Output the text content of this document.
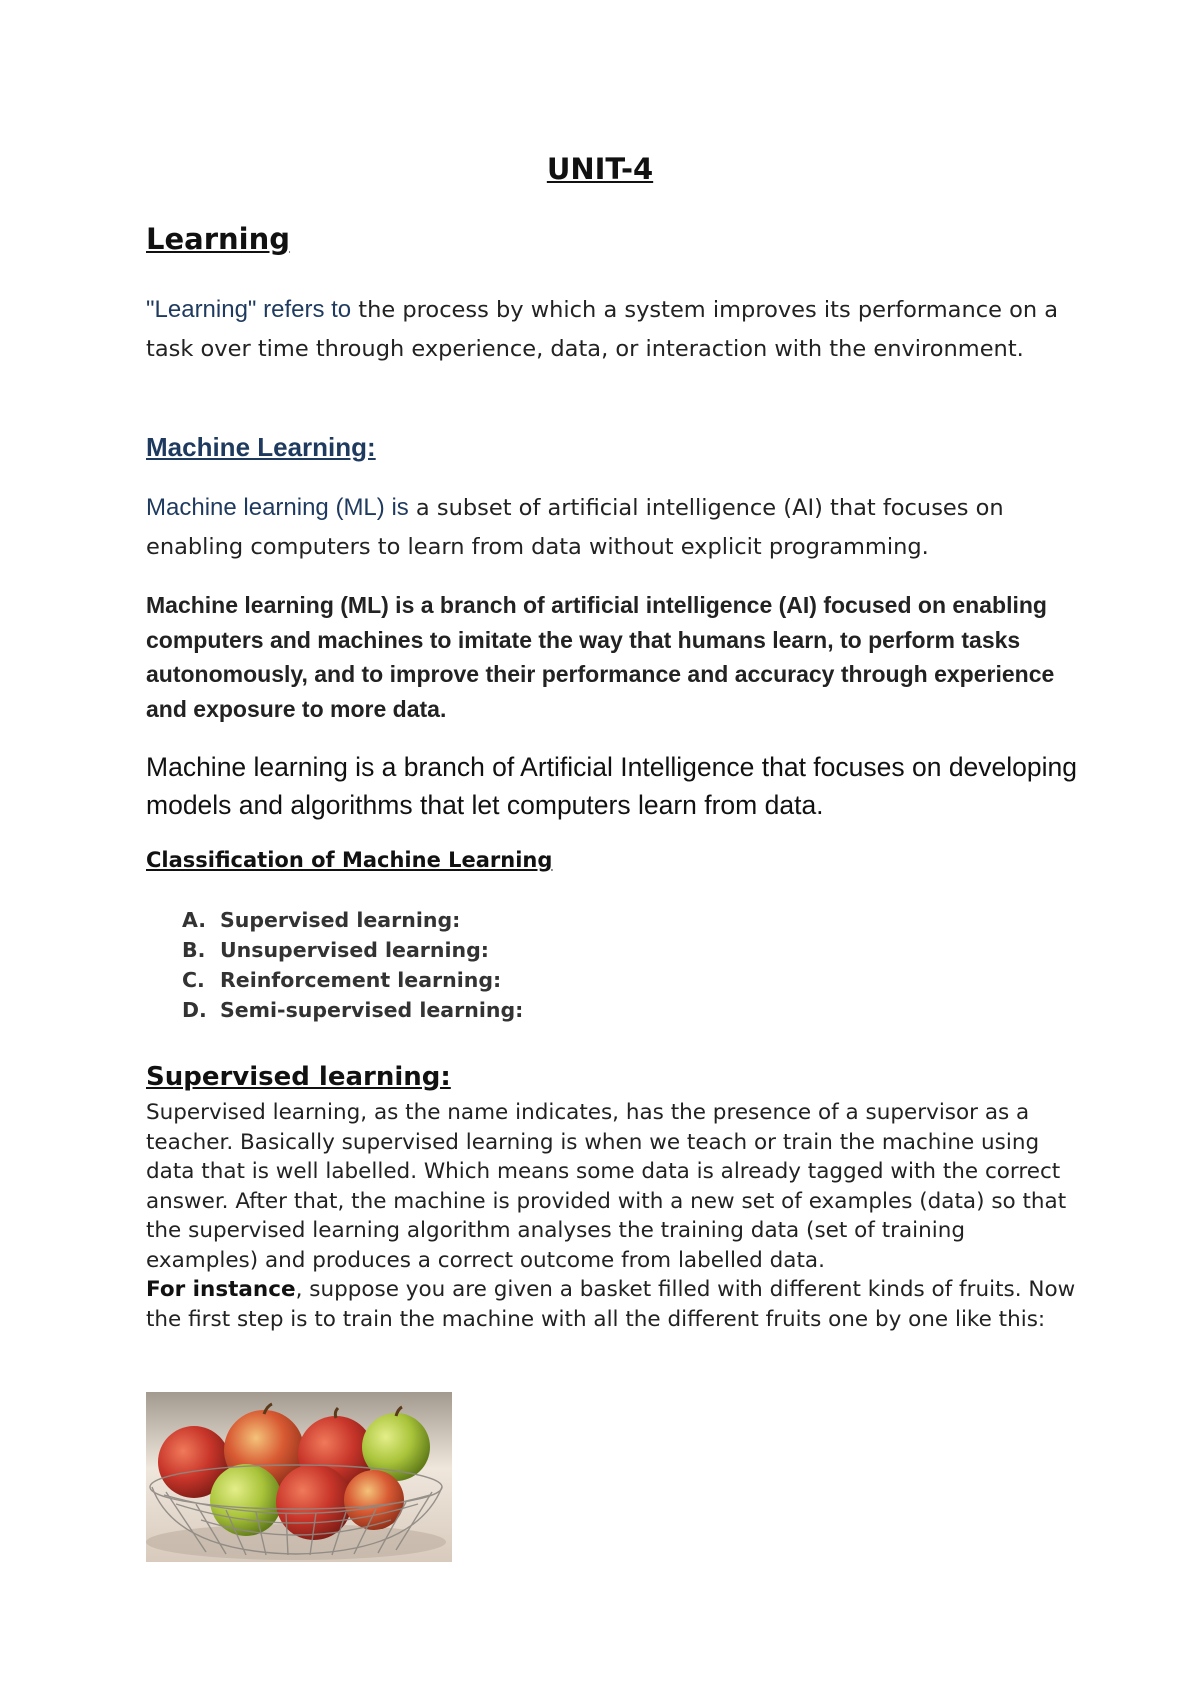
UNIT-4
Learning

"Learning" refers to the process by which a system improves its performance on a task over time through experience, data, or interaction with the environment.

Machine Learning:

Machine learning (ML) is a subset of artificial intelligence (AI) that focuses on enabling computers to learn from data without explicit programming.

Machine learning (ML) is a branch of artificial intelligence (AI) focused on enabling computers and machines to imitate the way that humans learn, to perform tasks autonomously, and to improve their performance and accuracy through experience and exposure to more data.

Machine learning is a branch of Artificial Intelligence that focuses on developing models and algorithms that let computers learn from data.

Classification of Machine Learning
A. Supervised learning:
B. Unsupervised learning:
C. Reinforcement learning:
D. Semi-supervised learning:
Supervised learning:

Supervised learning, as the name indicates, has the presence of a supervisor as a teacher. Basically supervised learning is when we teach or train the machine using data that is well labelled. Which means some data is already tagged with the correct answer. After that, the machine is provided with a new set of examples (data) so that the supervised learning algorithm analyses the training data (set of training examples) and produces a correct outcome from labelled data.
For instance, suppose you are given a basket filled with different kinds of fruits. Now the first step is to train the machine with all the different fruits one by one like this:
